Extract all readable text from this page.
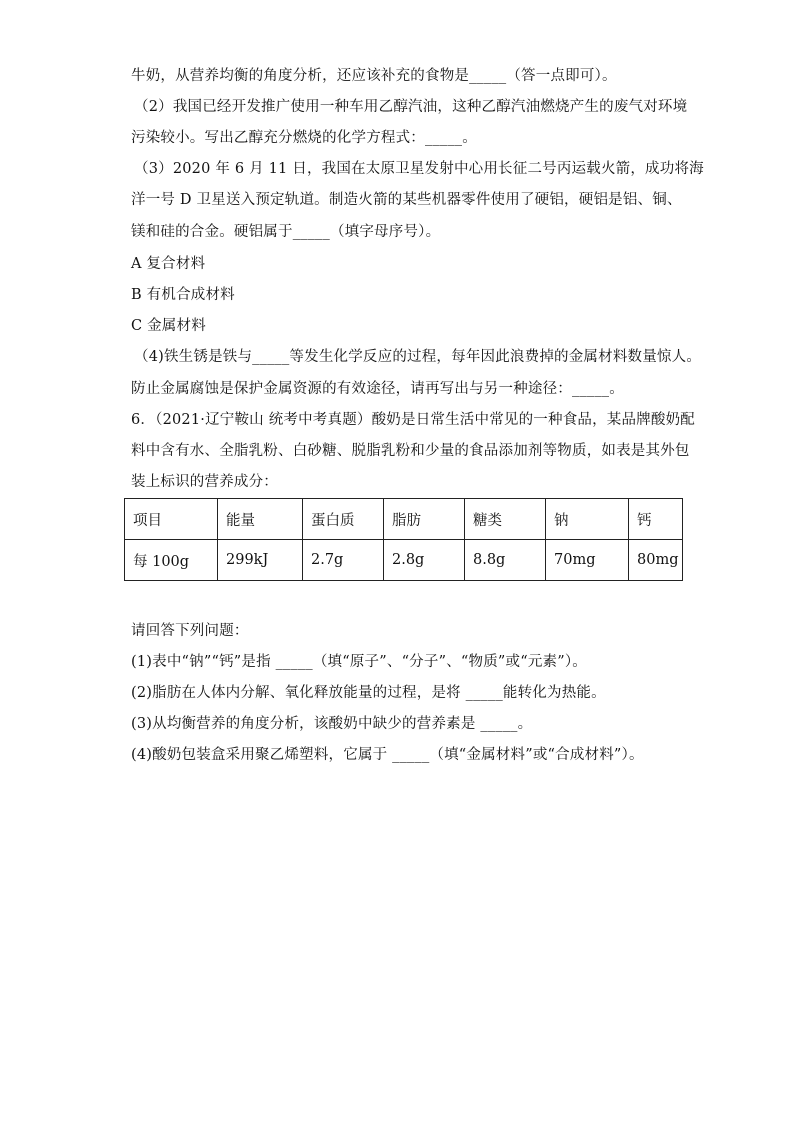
牛奶，从营养均衡的角度分析，还应该补充的食物是_____（答一点即可）。
（2）我国已经开发推广使用一种车用乙醇汽油，这种乙醇汽油燃烧产生的废气对环境
污染较小。写出乙醇充分燃烧的化学方程式：_____。
（3）2020 年 6 月 11 日，我国在太原卫星发射中心用长征二号丙运载火箭，成功将海
洋一号 D 卫星送入预定轨道。制造火箭的某些机器零件使用了硬铝，硬铝是铝、铜、
镁和硅的合金。硬铝属于_____（填字母序号）。
A 复合材料
B 有机合成材料
C 金属材料
（4)铁生锈是铁与_____等发生化学反应的过程，每年因此浪费掉的金属材料数量惊人。
防止金属腐蚀是保护金属资源的有效途径，请再写出与另一种途径：_____。
6．（2021·辽宁鞍山 统考中考真题）酸奶是日常生活中常见的一种食品，某品牌酸奶配
料中含有水、全脂乳粉、白砂糖、脱脂乳粉和少量的食品添加剂等物质，如表是其外包
装上标识的营养成分：
项目	能量	蛋白质	脂肪	糖类	钠	钙
每 100g	299kJ	2.7g	2.8g	8.8g	70mg	80mg
请回答下列问题：
(1)表中“钠”“钙”是指 _____（填“原子”、“分子”、“物质”或“元素”）。
(2)脂肪在人体内分解、氧化释放能量的过程，是将 _____能转化为热能。
(3)从均衡营养的角度分析，该酸奶中缺少的营养素是 _____。
(4)酸奶包装盒采用聚乙烯塑料，它属于 _____（填“金属材料”或“合成材料”）。
